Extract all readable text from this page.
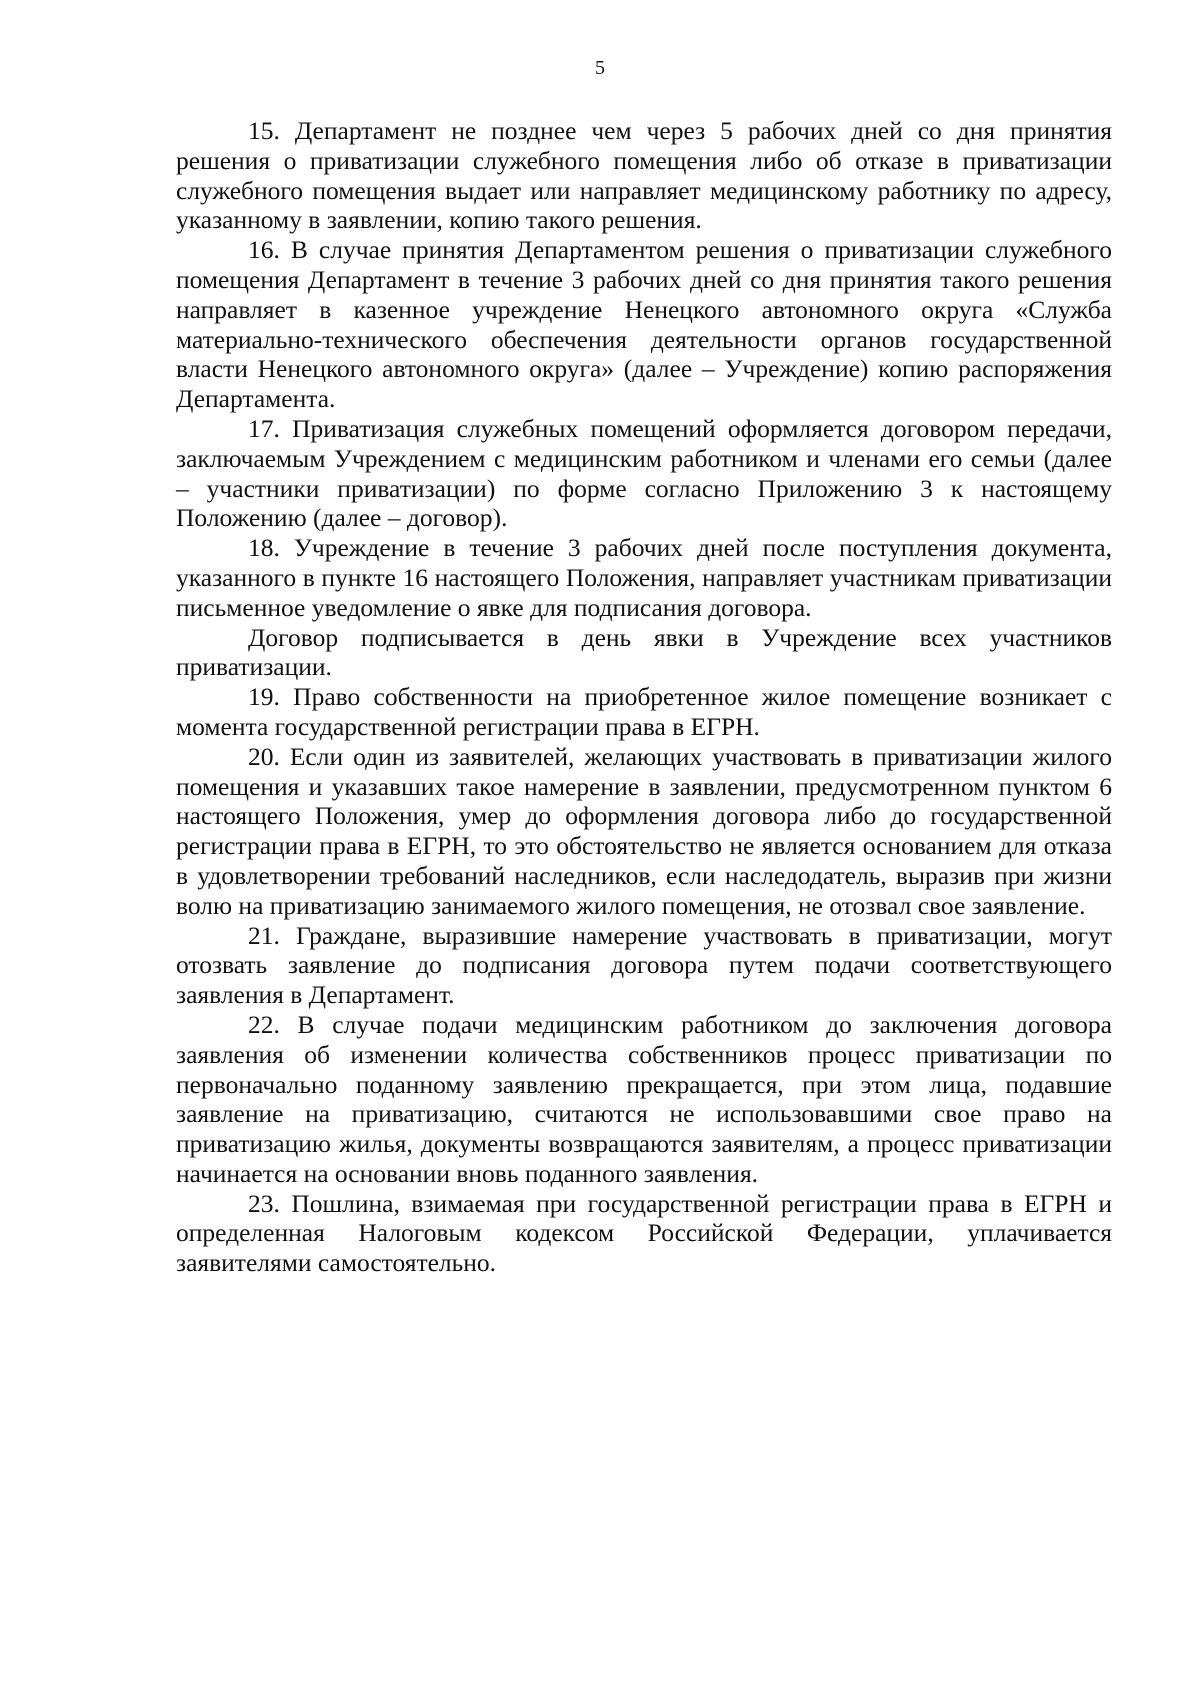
5

15. Департамент не позднее чем через 5 рабочих дней со дня принятия решения о приватизации служебного помещения либо об отказе в приватизации служебного помещения выдает или направляет медицинскому работнику по адресу, указанному в заявлении, копию такого решения.

16. В случае принятия Департаментом решения о приватизации служебного помещения Департамент в течение 3 рабочих дней со дня принятия такого решения направляет в казенное учреждение Ненецкого автономного округа «Служба материально-технического обеспечения деятельности органов государственной власти Ненецкого автономного округа» (далее – Учреждение) копию распоряжения Департамента.

17. Приватизация служебных помещений оформляется договором передачи, заключаемым Учреждением с медицинским работником и членами его семьи (далее – участники приватизации) по форме согласно Приложению 3 к настоящему Положению (далее – договор).

18. Учреждение в течение 3 рабочих дней после поступления документа, указанного в пункте 16 настоящего Положения, направляет участникам приватизации письменное уведомление о явке для подписания договора.

Договор подписывается в день явки в Учреждение всех участников приватизации.

19. Право собственности на приобретенное жилое помещение возникает с момента государственной регистрации права в ЕГРН.

20. Если один из заявителей, желающих участвовать в приватизации жилого помещения и указавших такое намерение в заявлении, предусмотренном пунктом 6 настоящего Положения, умер до оформления договора либо до государственной регистрации права в ЕГРН, то это обстоятельство не является основанием для отказа в удовлетворении требований наследников, если наследодатель, выразив при жизни волю на приватизацию занимаемого жилого помещения, не отозвал свое заявление.

21. Граждане, выразившие намерение участвовать в приватизации, могут отозвать заявление до подписания договора путем подачи соответствующего заявления в Департамент.

22. В случае подачи медицинским работником до заключения договора заявления об изменении количества собственников процесс приватизации по первоначально поданному заявлению прекращается, при этом лица, подавшие заявление на приватизацию, считаются не использовавшими свое право на приватизацию жилья, документы возвращаются заявителям, а процесс приватизации начинается на основании вновь поданного заявления.

23. Пошлина, взимаемая при государственной регистрации права в ЕГРН и определенная Налоговым кодексом Российской Федерации, уплачивается заявителями самостоятельно.
